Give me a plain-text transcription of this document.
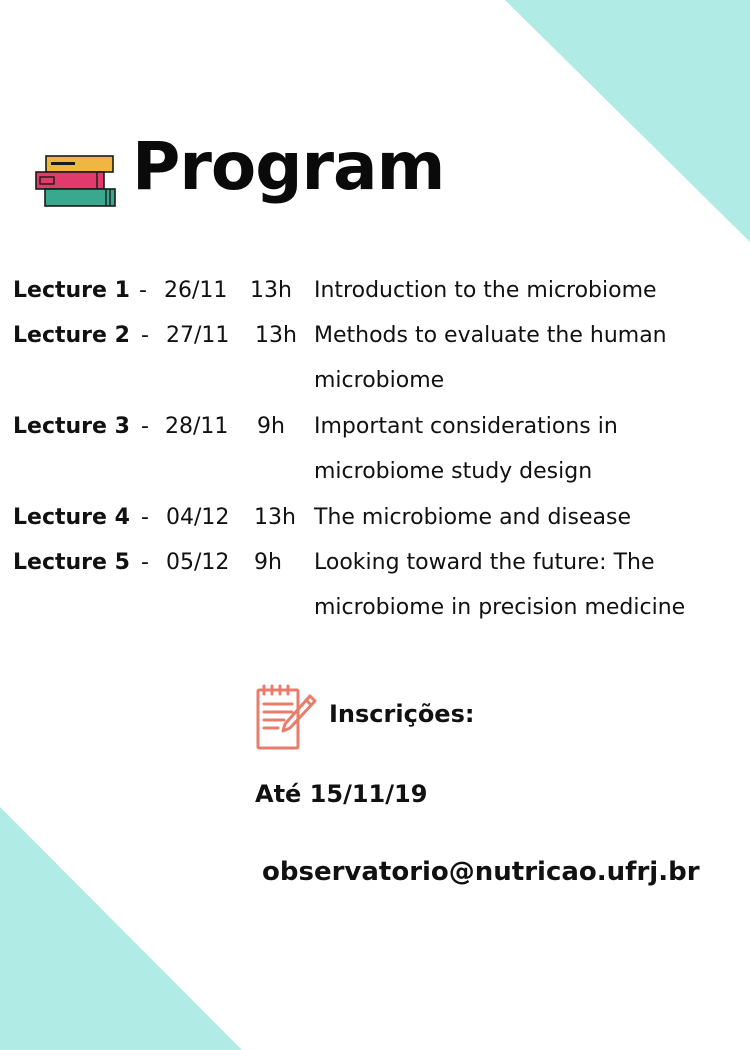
Program
Lecture 1 - 26/11 13h Introduction to the microbiome
Lecture 2 - 27/11 13h Methods to evaluate the human
microbiome
Lecture 3 - 28/11 9h Important considerations in
microbiome study design
Lecture 4 - 04/12 13h The microbiome and disease
Lecture 5 - 05/12 9h Looking toward the future: The
microbiome in precision medicine
Inscrições:
Até 15/11/19
observatorio@nutricao.ufrj.br
